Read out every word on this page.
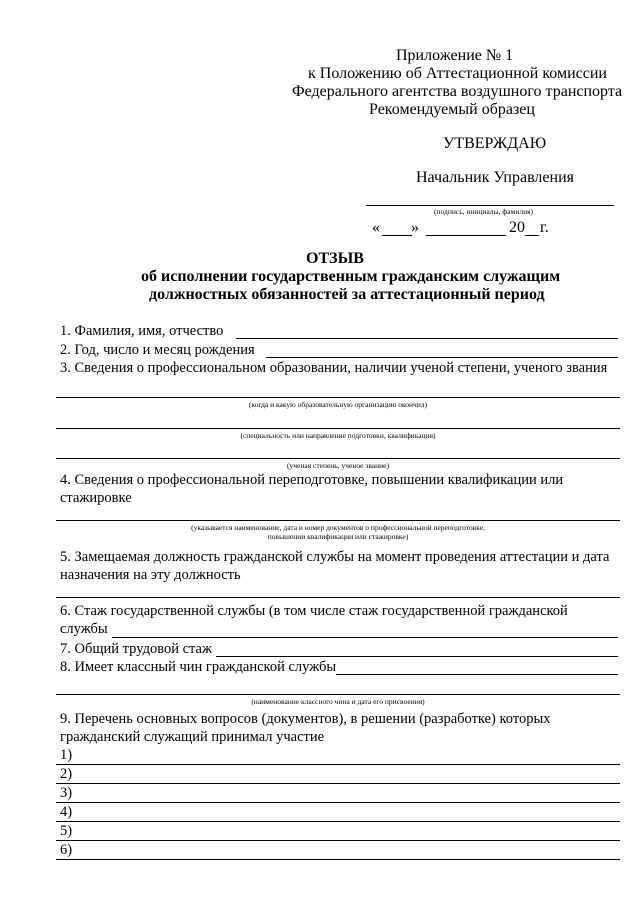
Приложение № 1
к Положению об Аттестационной комиссии
Федерального агентства воздушного транспорта
Рекомендуемый образец
УТВЕРЖДАЮ
Начальник Управления
(подпись, инициалы, фамилия)
« »	20 г.
ОТЗЫВ
об исполнении государственным гражданским служащим
должностных обязанностей за аттестационный период
1. Фамилия, имя, отчество
2. Год, число и месяц рождения
3. Сведения о профессиональном образовании, наличии ученой степени, ученого звания
(когда и какую образовательную организацию окончил)
(специальность или направление подготовки, квалификация)
(ученая степень, ученое звание)
4. Сведения о профессиональной переподготовке, повышении квалификации или
стажировке
(указывается наименование, дата и номер документов о профессиональной переподготовке,
повышении квалификации или стажировке)
5. Замещаемая должность гражданской службы на момент проведения аттестации и дата
назначения на эту должность
6. Стаж государственной службы (в том числе стаж государственной гражданской
службы
7. Общий трудовой стаж
8. Имеет классный чин гражданской службы
(наименование классного чина и дата его присвоения)
9. Перечень основных вопросов (документов), в решении (разработке) которых
гражданский служащий принимал участие
1)
2)
3)
4)
5)
6)
